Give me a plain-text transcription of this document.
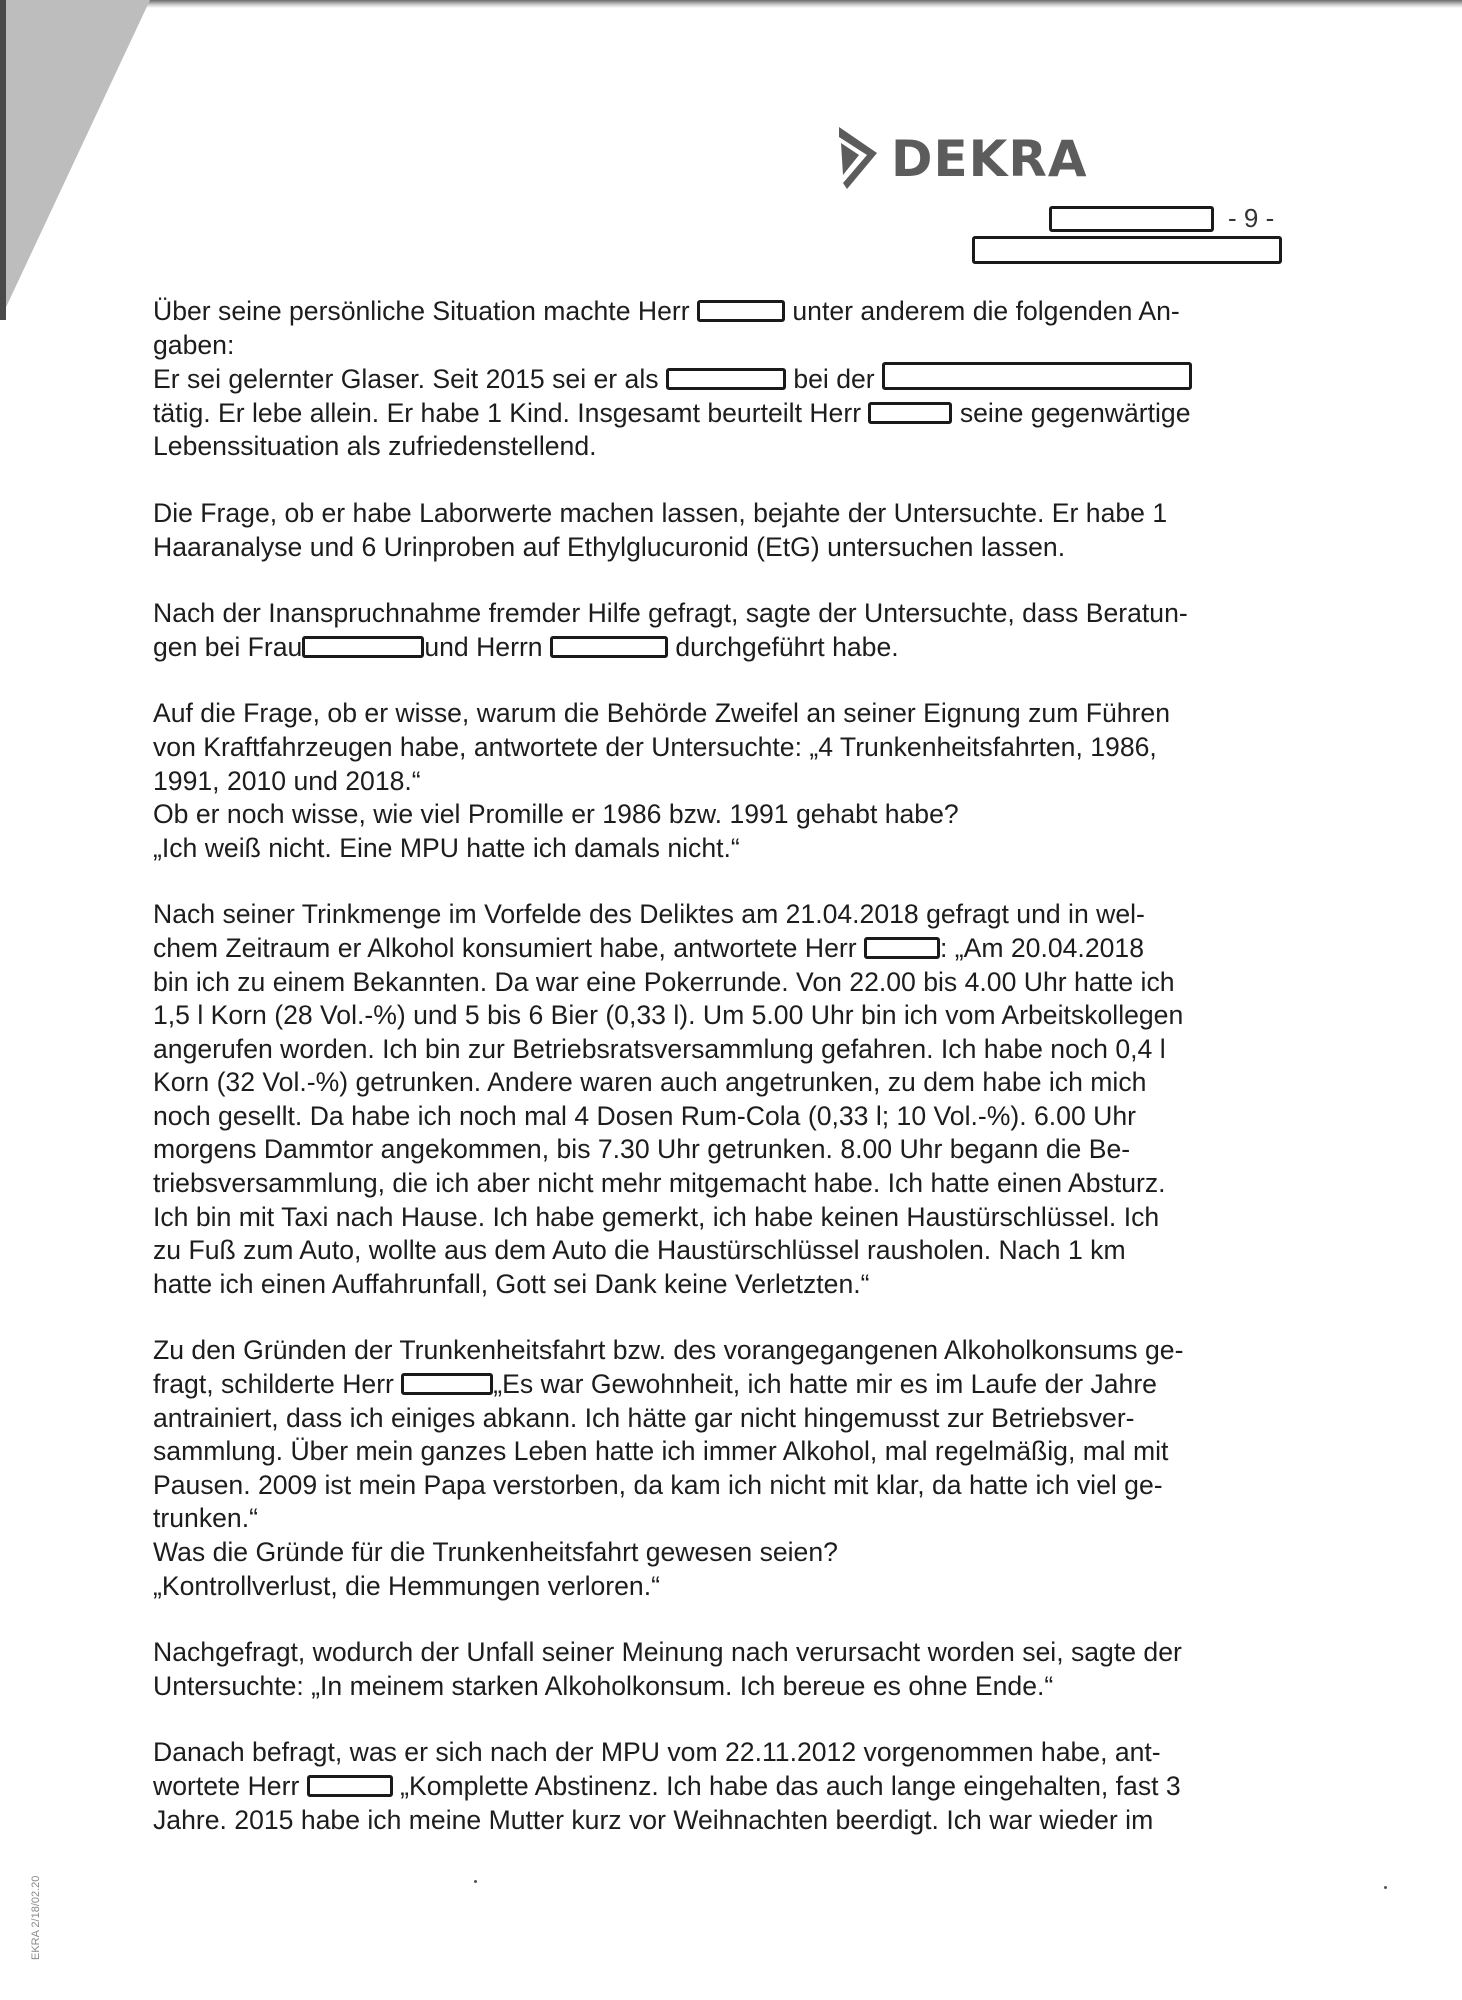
DEKRA
- 9 -

Über seine persönliche Situation machte Herr	unter anderem die folgenden An-
gaben:
Er sei gelernter Glaser. Seit 2015 sei er als	bei der
tätig. Er lebe allein. Er habe 1 Kind. Insgesamt beurteilt Herr	seine gegenwärtige
Lebenssituation als zufriedenstellend.

Die Frage, ob er habe Laborwerte machen lassen, bejahte der Untersuchte. Er habe 1
Haaranalyse und 6 Urinproben auf Ethylglucuronid (EtG) untersuchen lassen.

Nach der Inanspruchnahme fremder Hilfe gefragt, sagte der Untersuchte, dass Beratun-
gen bei Frau	und Herrn	durchgeführt habe.

Auf die Frage, ob er wisse, warum die Behörde Zweifel an seiner Eignung zum Führen
von Kraftfahrzeugen habe, antwortete der Untersuchte: „4 Trunkenheitsfahrten, 1986,
1991, 2010 und 2018.“
Ob er noch wisse, wie viel Promille er 1986 bzw. 1991 gehabt habe?
„Ich weiß nicht. Eine MPU hatte ich damals nicht.“

Nach seiner Trinkmenge im Vorfelde des Deliktes am 21.04.2018 gefragt und in wel-
chem Zeitraum er Alkohol konsumiert habe, antwortete Herr	: „Am 20.04.2018
bin ich zu einem Bekannten. Da war eine Pokerrunde. Von 22.00 bis 4.00 Uhr hatte ich
1,5 l Korn (28 Vol.-%) und 5 bis 6 Bier (0,33 l). Um 5.00 Uhr bin ich vom Arbeitskollegen
angerufen worden. Ich bin zur Betriebsratsversammlung gefahren. Ich habe noch 0,4 l
Korn (32 Vol.-%) getrunken. Andere waren auch angetrunken, zu dem habe ich mich
noch gesellt. Da habe ich noch mal 4 Dosen Rum-Cola (0,33 l; 10 Vol.-%). 6.00 Uhr
morgens Dammtor angekommen, bis 7.30 Uhr getrunken. 8.00 Uhr begann die Be-
triebsversammlung, die ich aber nicht mehr mitgemacht habe. Ich hatte einen Absturz.
Ich bin mit Taxi nach Hause. Ich habe gemerkt, ich habe keinen Haustürschlüssel. Ich
zu Fuß zum Auto, wollte aus dem Auto die Haustürschlüssel rausholen. Nach 1 km
hatte ich einen Auffahrunfall, Gott sei Dank keine Verletzten.“

Zu den Gründen der Trunkenheitsfahrt bzw. des vorangegangenen Alkoholkonsums ge-
fragt, schilderte Herr	„Es war Gewohnheit, ich hatte mir es im Laufe der Jahre
antrainiert, dass ich einiges abkann. Ich hätte gar nicht hingemusst zur Betriebsver-
sammlung. Über mein ganzes Leben hatte ich immer Alkohol, mal regelmäßig, mal mit
Pausen. 2009 ist mein Papa verstorben, da kam ich nicht mit klar, da hatte ich viel ge-
trunken.“
Was die Gründe für die Trunkenheitsfahrt gewesen seien?
„Kontrollverlust, die Hemmungen verloren.“

Nachgefragt, wodurch der Unfall seiner Meinung nach verursacht worden sei, sagte der
Untersuchte: „In meinem starken Alkoholkonsum. Ich bereue es ohne Ende.“

Danach befragt, was er sich nach der MPU vom 22.11.2012 vorgenommen habe, ant-
wortete Herr	„Komplette Abstinenz. Ich habe das auch lange eingehalten, fast 3
Jahre. 2015 habe ich meine Mutter kurz vor Weihnachten beerdigt. Ich war wieder im

EKRA 2/18/02.20
